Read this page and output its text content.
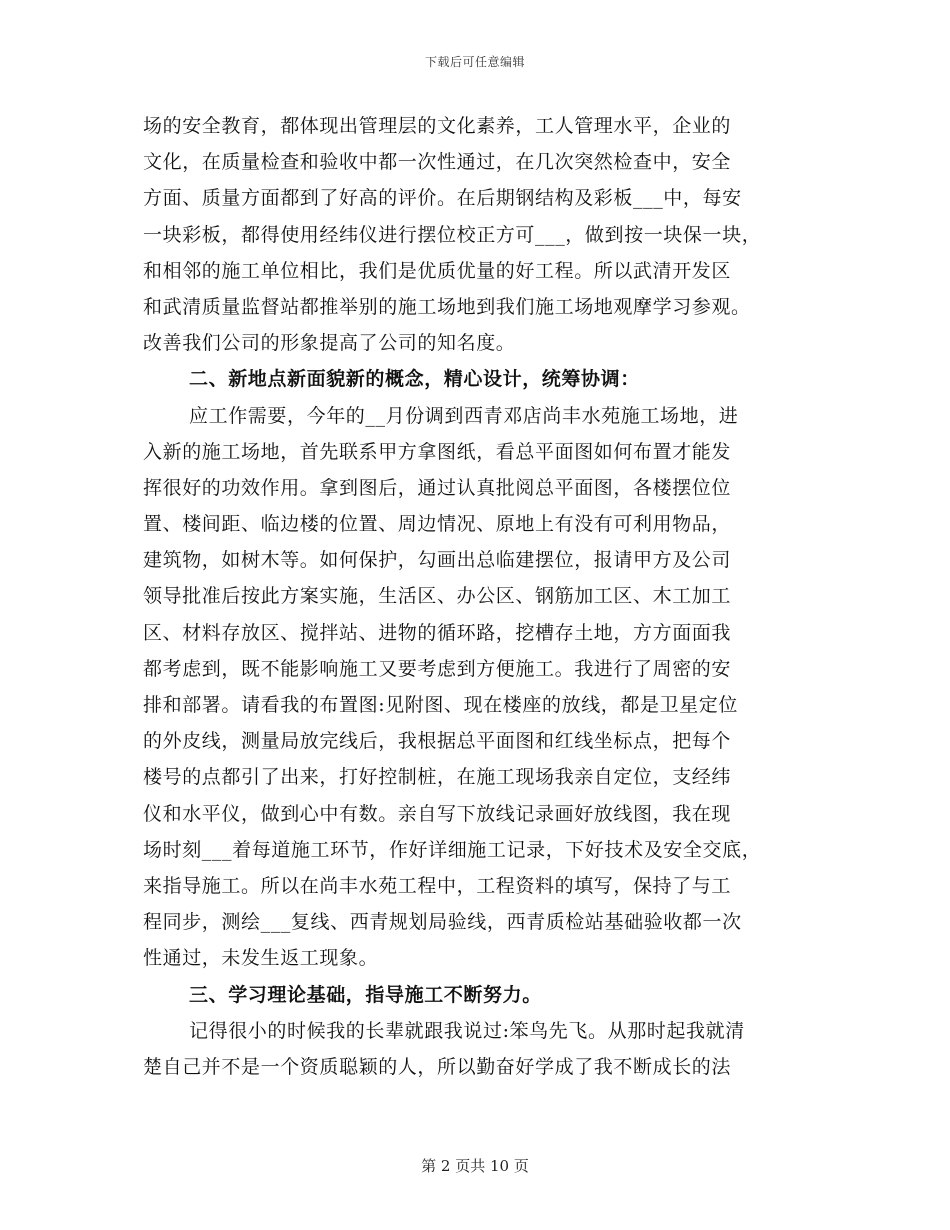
下载后可任意编辑
场的安全教育，都体现出管理层的文化素养，工人管理水平，企业的
文化，在质量检查和验收中都一次性通过，在几次突然检查中，安全
方面、质量方面都到了好高的评价。在后期钢结构及彩板___中，每安
一块彩板，都得使用经纬仪进行摆位校正方可___，做到按一块保一块，
和相邻的施工单位相比，我们是优质优量的好工程。所以武清开发区
和武清质量监督站都推举别的施工场地到我们施工场地观摩学习参观。
改善我们公司的形象提高了公司的知名度。
二、新地点新面貌新的概念，精心设计，统筹协调：
应工作需要，今年的__月份调到西青邓店尚丰水苑施工场地，进
入新的施工场地，首先联系甲方拿图纸，看总平面图如何布置才能发
挥很好的功效作用。拿到图后，通过认真批阅总平面图，各楼摆位位
置、楼间距、临边楼的位置、周边情况、原地上有没有可利用物品，
建筑物，如树木等。如何保护，勾画出总临建摆位，报请甲方及公司
领导批准后按此方案实施，生活区、办公区、钢筋加工区、木工加工
区、材料存放区、搅拌站、进物的循环路，挖槽存土地，方方面面我
都考虑到，既不能影响施工又要考虑到方便施工。我进行了周密的安
排和部署。请看我的布置图:见附图、现在楼座的放线，都是卫星定位
的外皮线，测量局放完线后，我根据总平面图和红线坐标点，把每个
楼号的点都引了出来，打好控制桩，在施工现场我亲自定位，支经纬
仪和水平仪，做到心中有数。亲自写下放线记录画好放线图，我在现
场时刻___着每道施工环节，作好详细施工记录，下好技术及安全交底，
来指导施工。所以在尚丰水苑工程中，工程资料的填写，保持了与工
程同步，测绘___复线、西青规划局验线，西青质检站基础验收都一次
性通过，未发生返工现象。
三、学习理论基础，指导施工不断努力。
记得很小的时候我的长辈就跟我说过:笨鸟先飞。从那时起我就清
楚自己并不是一个资质聪颖的人，所以勤奋好学成了我不断成长的法
第 2 页共 10 页
